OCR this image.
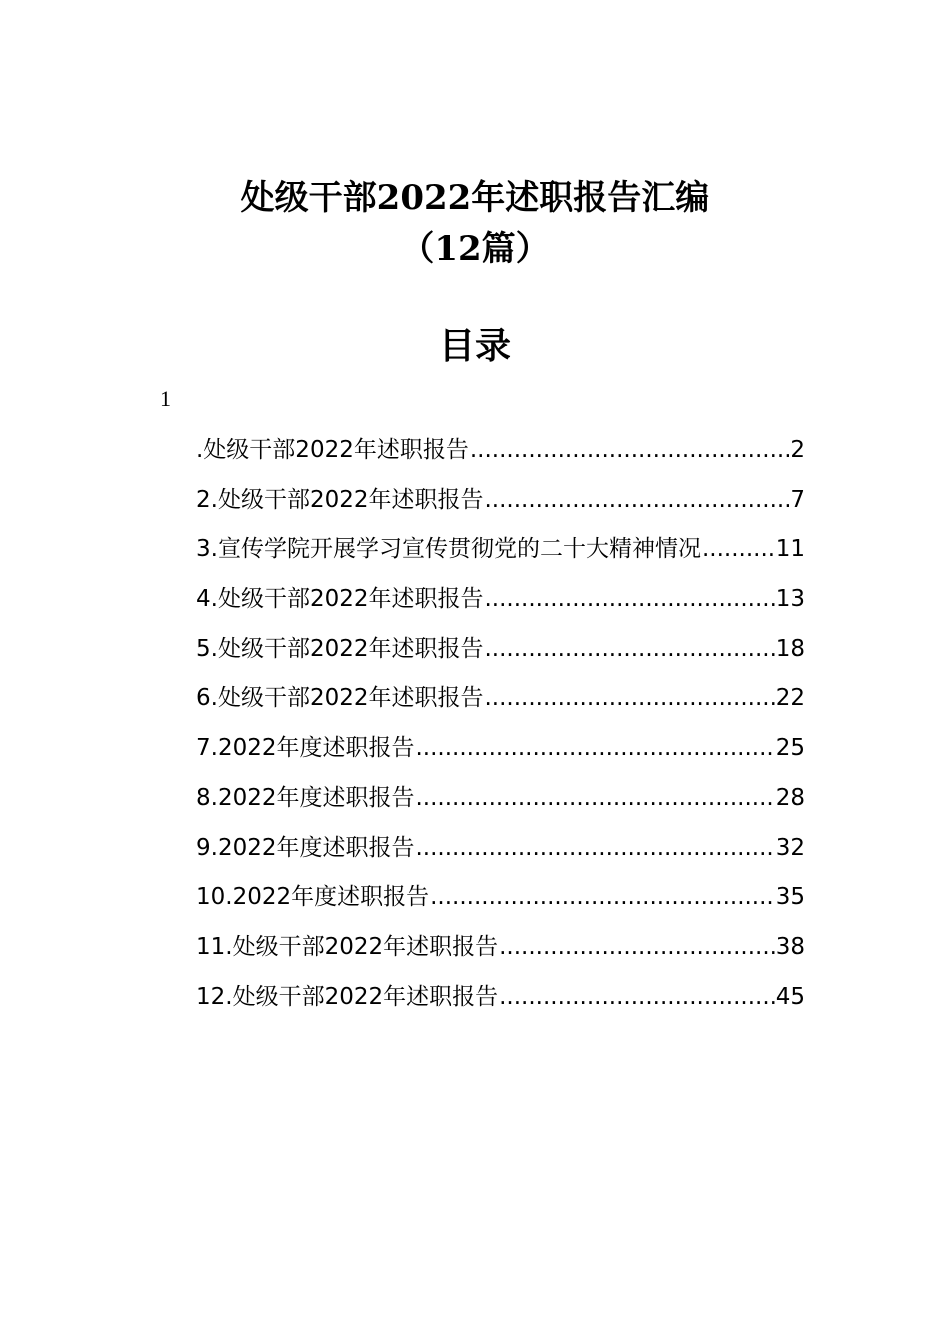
处级干部2022年述职报告汇编
（12篇）
目录
1
.处级干部2022年述职报告 .....	2
2.处级干部2022年述职报告 .....	7
3.宣传学院开展学习宣传贯彻党的二十大精神情况 .....	11
4.处级干部2022年述职报告 .....	13
5.处级干部2022年述职报告 .....	18
6.处级干部2022年述职报告 .....	22
7.2022年度述职报告 .....	25
8.2022年度述职报告 .....	28
9.2022年度述职报告 .....	32
10.2022年度述职报告 .....	35
11.处级干部2022年述职报告 .....	38
12.处级干部2022年述职报告 .....	45
